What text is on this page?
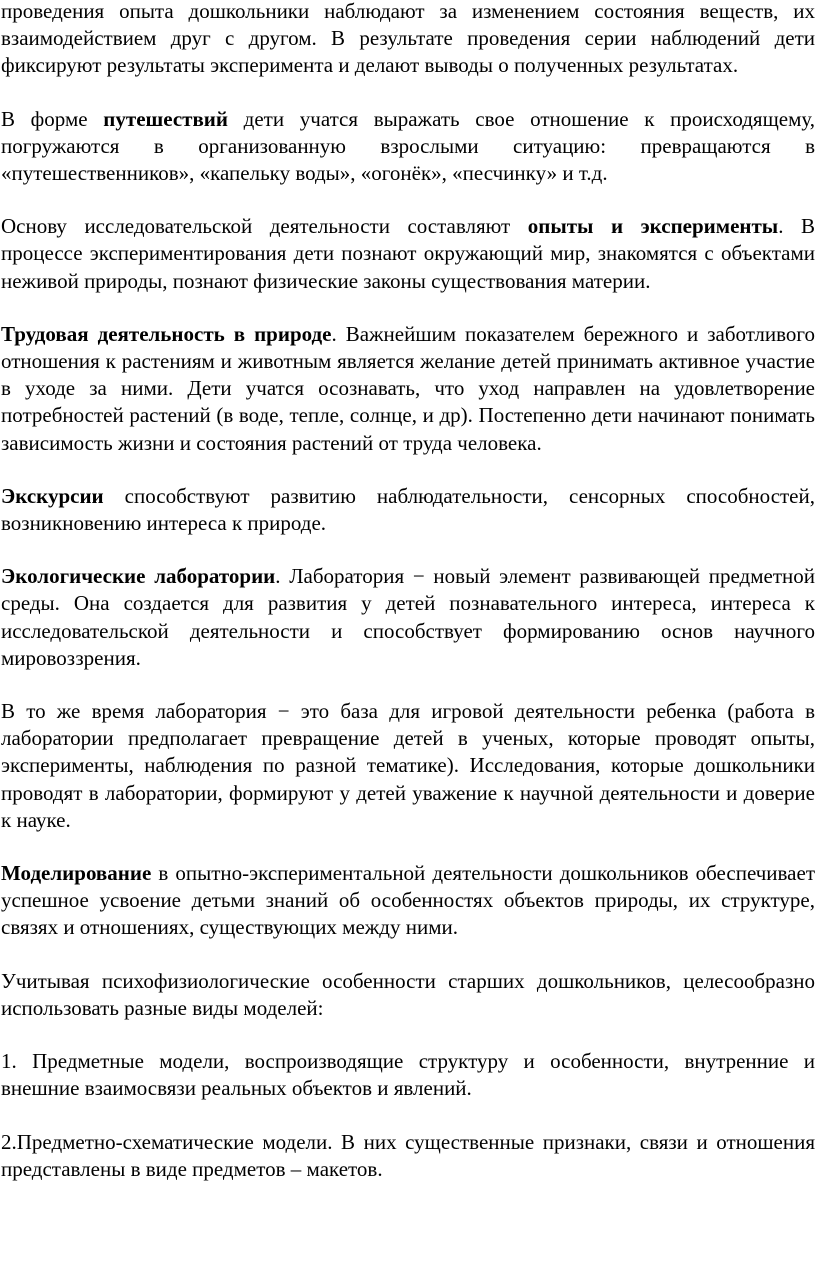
проведения опыта дошкольники наблюдают за изменением состояния веществ, их взаимодействием друг с другом. В результате проведения серии наблюдений дети фиксируют результаты эксперимента и делают выводы о полученных результатах.

В форме путешествий дети учатся выражать свое отношение к происходящему, погружаются в организованную взрослыми ситуацию: превращаются в «путешественников», «капельку воды», «огонёк», «песчинку» и т.д.

Основу исследовательской деятельности составляют опыты и эксперименты. В процессе экспериментирования дети познают окружающий мир, знакомятся с объектами неживой природы, познают физические законы существования материи.

Трудовая деятельность в природе. Важнейшим показателем бережного и заботливого отношения к растениям и животным является желание детей принимать активное участие в уходе за ними. Дети учатся осознавать, что уход направлен на удовлетворение потребностей растений (в воде, тепле, солнце, и др). Постепенно дети начинают понимать зависимость жизни и состояния растений от труда человека.

Экскурсии способствуют развитию наблюдательности, сенсорных способностей, возникновению интереса к природе.

Экологические лаборатории. Лаборатория − новый элемент развивающей предметной среды. Она создается для развития у детей познавательного интереса, интереса к исследовательской деятельности и способствует формированию основ научного мировоззрения.

В то же время лаборатория − это база для игровой деятельности ребенка (работа в лаборатории предполагает превращение детей в ученых, которые проводят опыты, эксперименты, наблюдения по разной тематике). Исследования, которые дошкольники проводят в лаборатории, формируют у детей уважение к научной деятельности и доверие к науке.

Моделирование в опытно-экспериментальной деятельности дошкольников обеспечивает успешное усвоение детьми знаний об особенностях объектов природы, их структуре, связях и отношениях, существующих между ними.

Учитывая психофизиологические особенности старших дошкольников, целесообразно использовать разные виды моделей:

1. Предметные модели, воспроизводящие структуру и особенности, внутренние и внешние взаимосвязи реальных объектов и явлений.

2.Предметно-схематические модели. В них существенные признаки, связи и отношения представлены в виде предметов – макетов.
